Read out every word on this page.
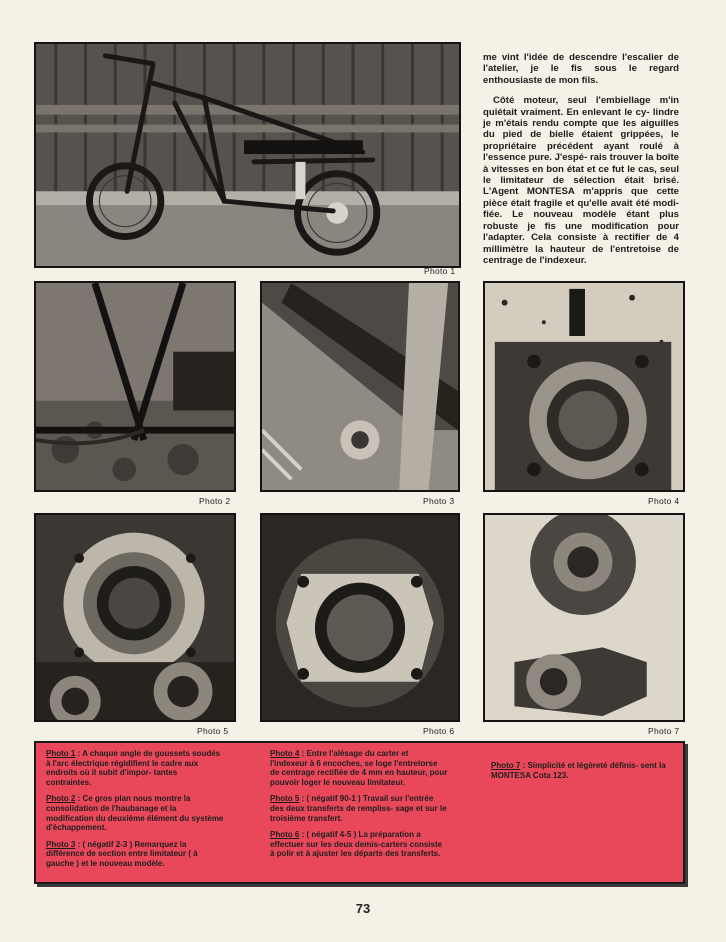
Photo 1

me vint l'idée de descendre l'escalier de l'atelier, je le fis sous le regard enthousiaste de mon fils.

Côté moteur, seul l'embiellage m'in quiétait vraiment. En enlevant le cy- lindre je m'étais rendu compte que les aiguilles du pied de bielle étaient grippées, le propriétaire précédent ayant roulé à l'essence pure. J'espé- rais trouver la boîte à vitesses en bon état et ce fut le cas, seul le limitateur de sélection était brisé. L'Agent MONTESA m'appris que cette pièce était fragile et qu'elle avait été modi- fiée. Le nouveau modèle étant plus robuste je fis une modification pour l'adapter. Cela consiste à rectifier de 4 millimètre la hauteur de l'entretoise de centrage de l'indexeur.

Photo 2	Photo 3	Photo 4
Photo 5	Photo 6	Photo 7

Photo 1 : A chaque angle de goussets soudés à l'arc électrique régidifient le cadre aux endroits où il subit d'impor- tantes contraintes.

Photo 2 : Ce gros plan nous montre la consolidation de l'haubanage et la modification du deuxième élément du système d'échappement.

Photo 3 : ( négatif 2-3 ) Remarquez la différence de section entre limitateur ( à gauche ) et le nouveau modèle.

Photo 4 : Entre l'alésage du carter et l'indexeur à 6 encoches, se loge l'entretorse de centrage rectifiée de 4 mm en hauteur, pour pouvoir loger le nouveau limitateur.

Photo 5 : ( négatif 90-1 ) Travail sur l'entrée des deux transferts de rempliss- sage et sur le troisième transfert.

Photo 6 : ( négatif 4-5 ) La préparation a effectuer sur les deux demis-carters consiste à polir et à ajuster les départs des transferts.

Photo 7 : Simplicité et légèreté définis- sent la MONTESA Cota 123.

73
